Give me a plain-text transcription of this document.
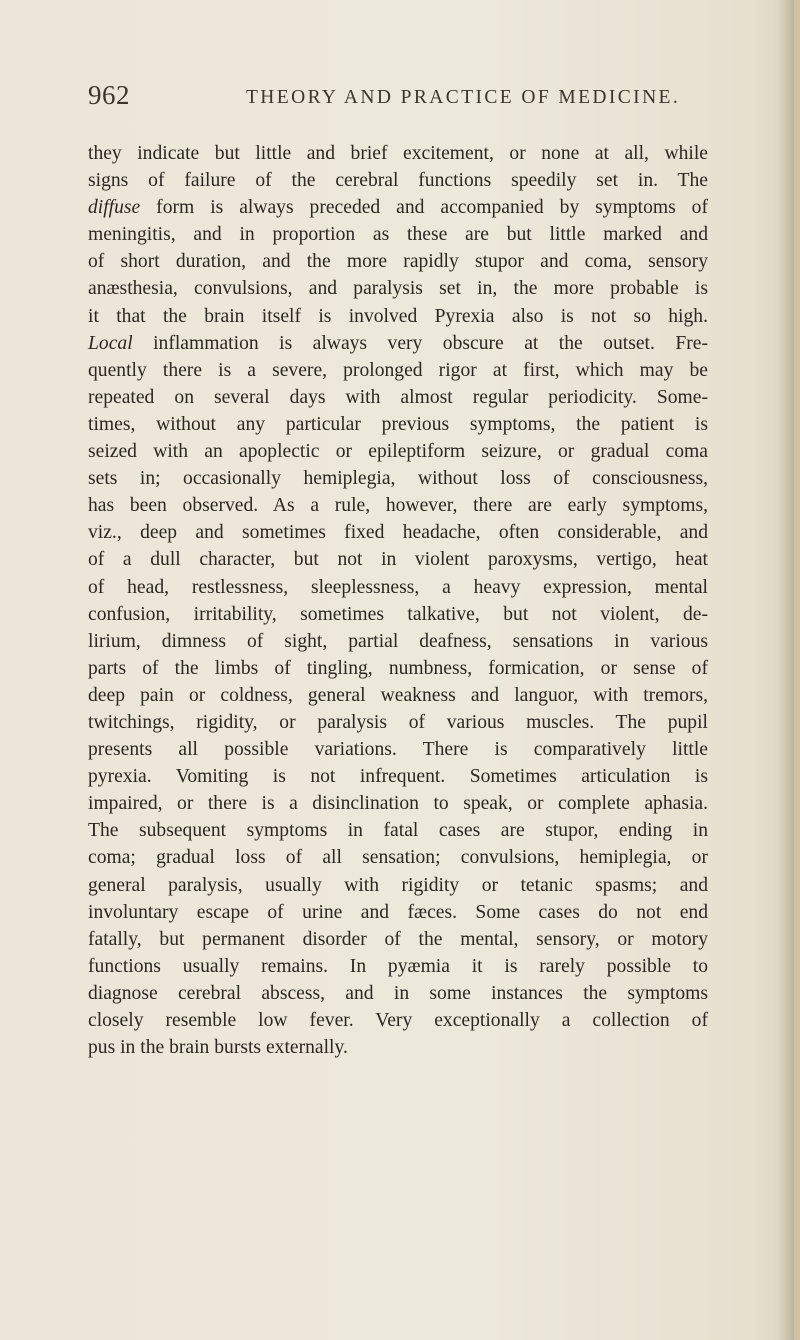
962	THEORY AND PRACTICE OF MEDICINE.
they indicate but little and brief excitement, or none at all, while
signs of failure of the cerebral functions speedily set in. The
diffuse form is always preceded and accompanied by symptoms of
meningitis, and in proportion as these are but little marked and
of short duration, and the more rapidly stupor and coma, sensory
anæsthesia, convulsions, and paralysis set in, the more probable is
it that the brain itself is involved Pyrexia also is not so high.
Local inflammation is always very obscure at the outset. Fre-
quently there is a severe, prolonged rigor at first, which may be
repeated on several days with almost regular periodicity. Some-
times, without any particular previous symptoms, the patient is
seized with an apoplectic or epileptiform seizure, or gradual coma
sets in; occasionally hemiplegia, without loss of consciousness,
has been observed. As a rule, however, there are early symptoms,
viz., deep and sometimes fixed headache, often considerable, and
of a dull character, but not in violent paroxysms, vertigo, heat
of head, restlessness, sleeplessness, a heavy expression, mental
confusion, irritability, sometimes talkative, but not violent, de-
lirium, dimness of sight, partial deafness, sensations in various
parts of the limbs of tingling, numbness, formication, or sense of
deep pain or coldness, general weakness and languor, with tremors,
twitchings, rigidity, or paralysis of various muscles. The pupil
presents all possible variations. There is comparatively little
pyrexia. Vomiting is not infrequent. Sometimes articulation is
impaired, or there is a disinclination to speak, or complete aphasia.
The subsequent symptoms in fatal cases are stupor, ending in
coma; gradual loss of all sensation; convulsions, hemiplegia, or
general paralysis, usually with rigidity or tetanic spasms; and
involuntary escape of urine and fæces. Some cases do not end
fatally, but permanent disorder of the mental, sensory, or motory
functions usually remains. In pyæmia it is rarely possible to
diagnose cerebral abscess, and in some instances the symptoms
closely resemble low fever. Very exceptionally a collection of
pus in the brain bursts externally.
